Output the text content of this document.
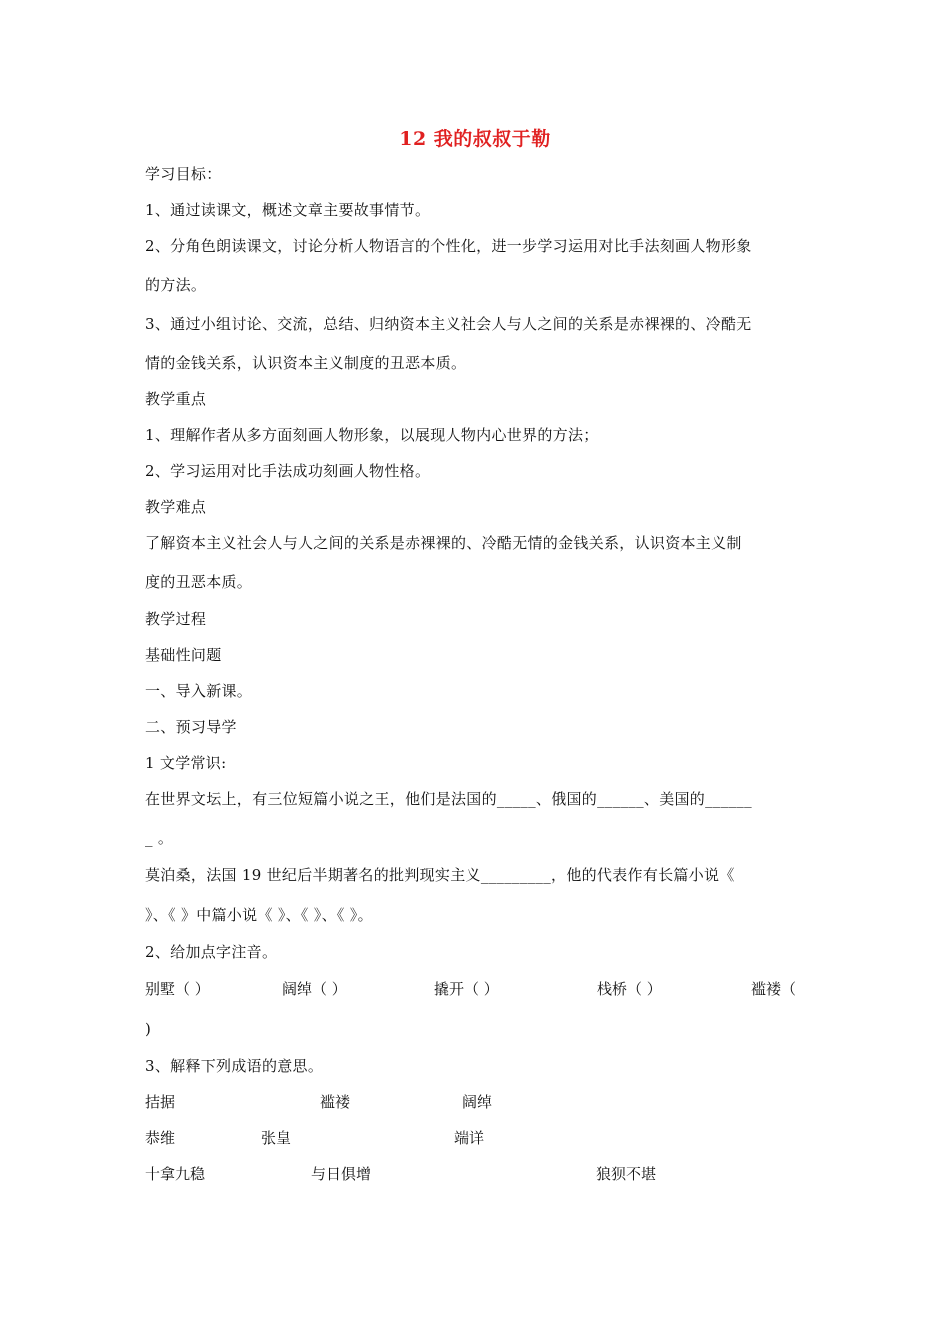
12 我的叔叔于勒
学习目标：
1、通过读课文，概述文章主要故事情节。
2、分角色朗读课文，讨论分析人物语言的个性化，进一步学习运用对比手法刻画人物形象
的方法。
3、通过小组讨论、交流，总结、归纳资本主义社会人与人之间的关系是赤裸裸的、冷酷无
情的金钱关系，认识资本主义制度的丑恶本质。
教学重点
1、理解作者从多方面刻画人物形象，以展现人物内心世界的方法；
2、学习运用对比手法成功刻画人物性格。
教学难点
了解资本主义社会人与人之间的关系是赤裸裸的、冷酷无情的金钱关系，认识资本主义制
度的丑恶本质。
教学过程
基础性问题
一、导入新课。
二、预习导学
1 文学常识:
在世界文坛上，有三位短篇小说之王，他们是法国的_____、俄国的______、美国的______
_ 。
莫泊桑，法国 19 世纪后半期著名的批判现实主义_________，他的代表作有长篇小说《
》、《 》中篇小说《 》、《 》、《 》。
2、给加点字注音。
别墅（ ）	阔绰（ ）	撬开（ ）	栈桥（ ）	褴褛（
)
3、解释下列成语的意思。
拮据	褴褛	阔绰
恭维	张皇	端详
十拿九稳	与日俱增	狼狈不堪
